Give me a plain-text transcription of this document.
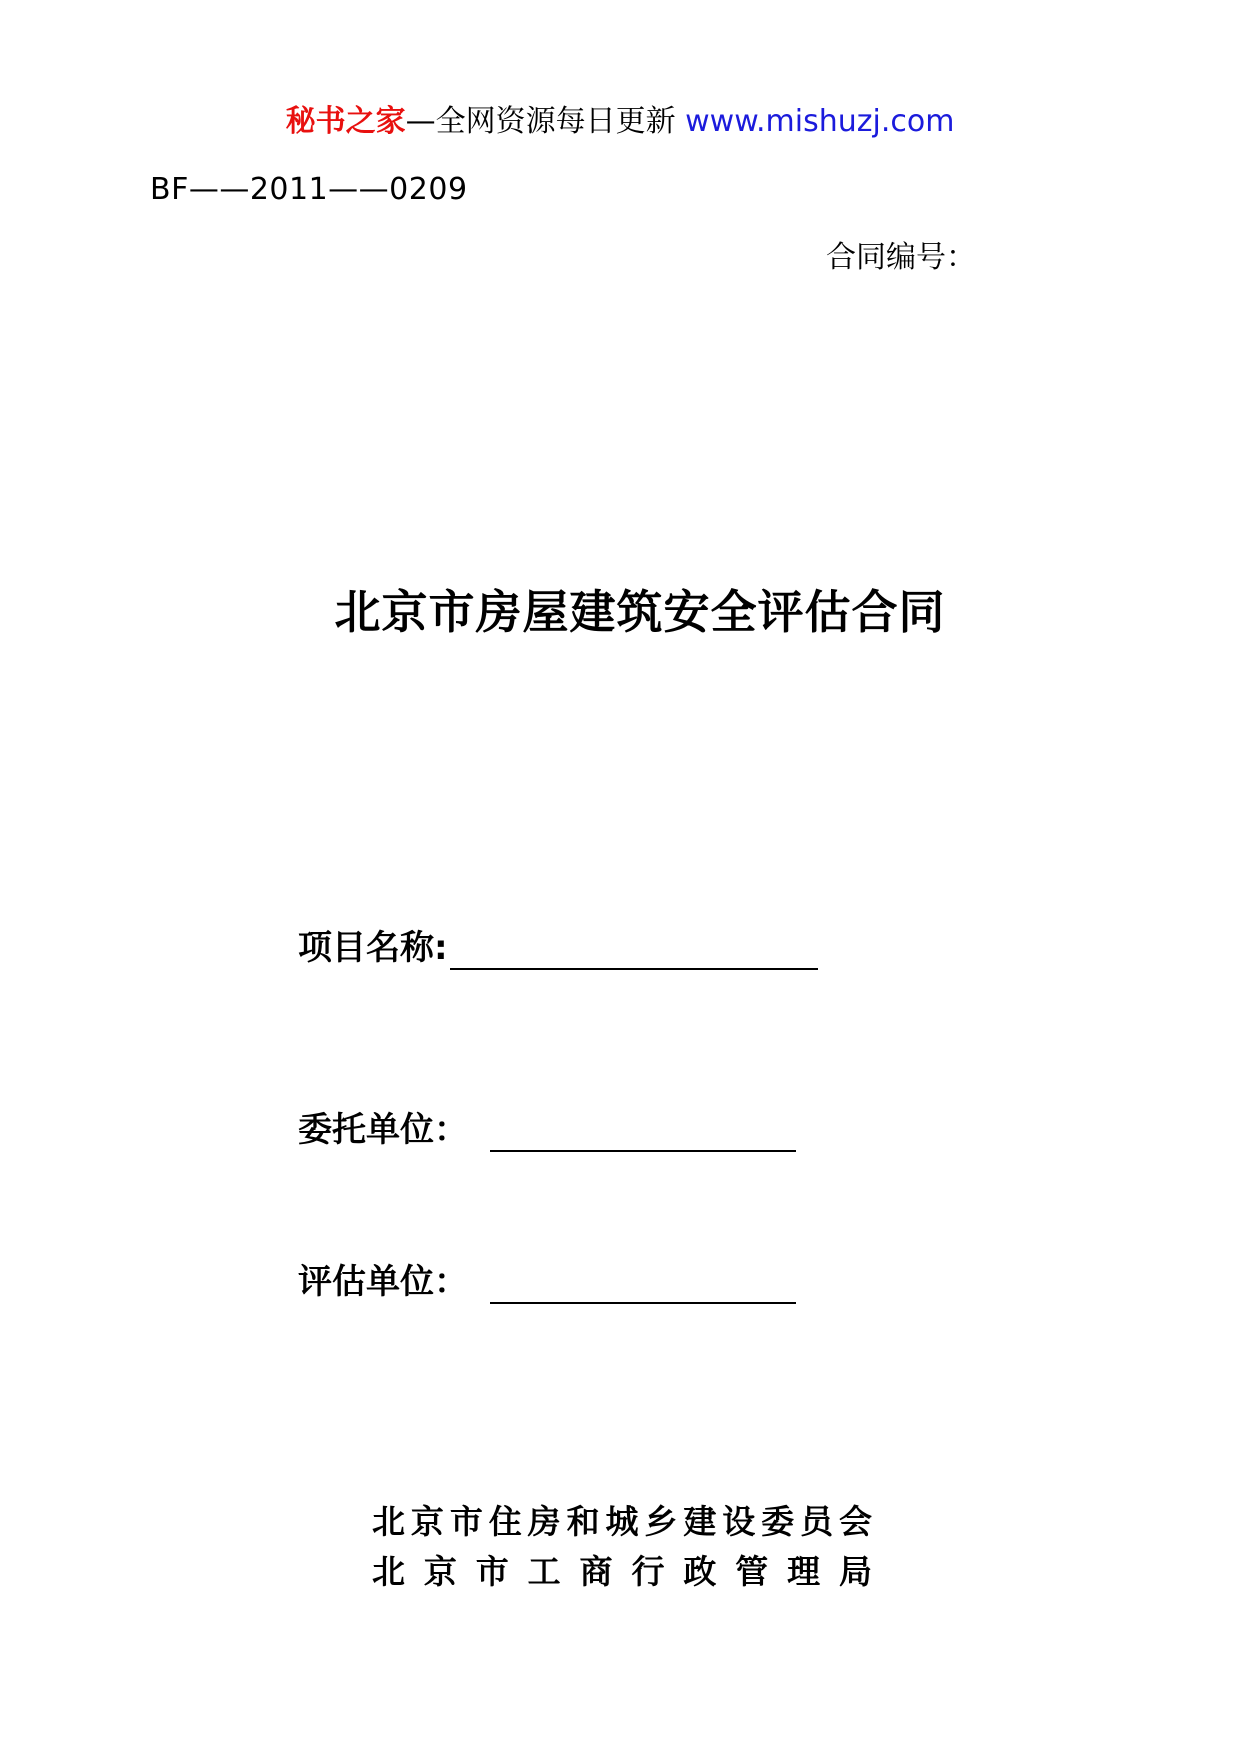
秘书之家—全网资源每日更新 www.mishuzj.com
BF——2011——0209
合同编号：
北京市房屋建筑安全评估合同
项目名称:
委托单位：
评估单位：
北京市住房和城乡建设委员会
北京市工商行政管理局
